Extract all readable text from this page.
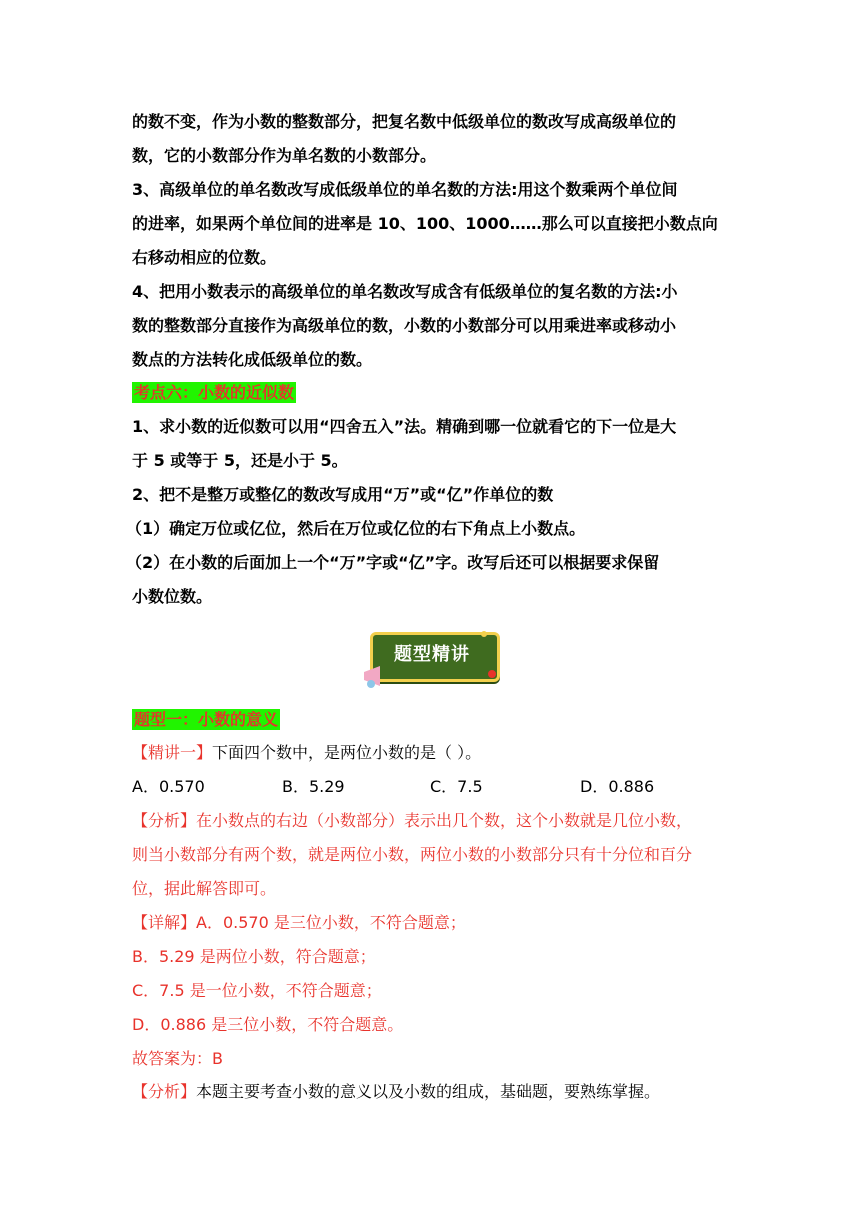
的数不变，作为小数的整数部分，把复名数中低级单位的数改写成高级单位的
数，它的小数部分作为单名数的小数部分。
3、高级单位的单名数改写成低级单位的单名数的方法:用这个数乘两个单位间
的进率，如果两个单位间的进率是 10、100、1000……那么可以直接把小数点向
右移动相应的位数。
4、把用小数表示的高级单位的单名数改写成含有低级单位的复名数的方法:小
数的整数部分直接作为高级单位的数，小数的小数部分可以用乘进率或移动小
数点的方法转化成低级单位的数。
考点六：小数的近似数
1、求小数的近似数可以用“四舍五入”法。精确到哪一位就看它的下一位是大
于 5 或等于 5，还是小于 5。
2、把不是整万或整亿的数改写成用“万”或“亿”作单位的数
（1）确定万位或亿位，然后在万位或亿位的右下角点上小数点。
（2）在小数的后面加上一个“万”字或“亿”字。改写后还可以根据要求保留
小数位数。
题型精讲
题型一：小数的意义
【精讲一】下面四个数中，是两位小数的是（ ）。
A．0.570	B．5.29	C．7.5	D．0.886
【分析】在小数点的右边（小数部分）表示出几个数，这个小数就是几位小数，
则当小数部分有两个数，就是两位小数，两位小数的小数部分只有十分位和百分
位，据此解答即可。
【详解】A．0.570 是三位小数，不符合题意；
B．5.29 是两位小数，符合题意；
C．7.5 是一位小数，不符合题意；
D．0.886 是三位小数，不符合题意。
故答案为：B
【分析】本题主要考查小数的意义以及小数的组成，基础题，要熟练掌握。
